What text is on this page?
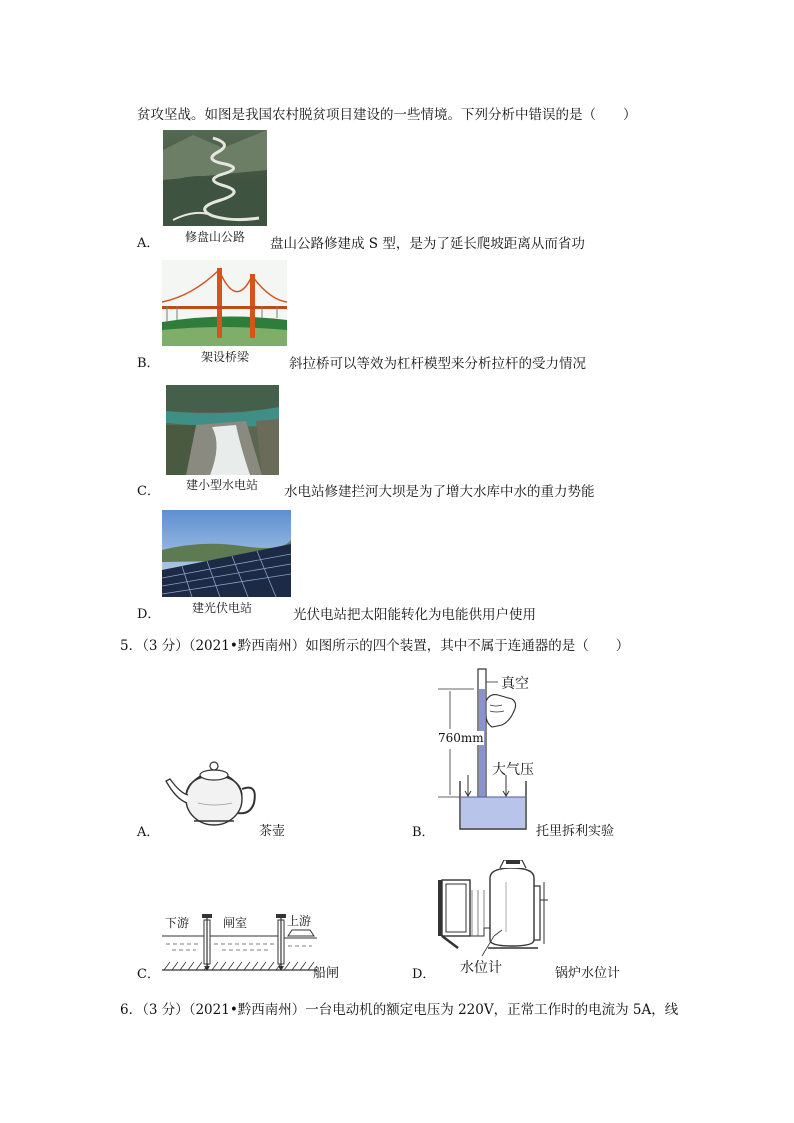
贫攻坚战。如图是我国农村脱贫项目建设的一些情境。下列分析中错误的是（　　）
A． 修盘山公路 盘山公路修建成 S 型，是为了延长爬坡距离从而省功
B．	架设桥梁	斜拉桥可以等效为杠杆模型来分析拉杆的受力情况
C． 建小型水电站 水电站修建拦河大坝是为了增大水库中水的重力势能
D．	建光伏电站	光伏电站把太阳能转化为电能供用户使用
5．（3 分）（2021•黔西南州）如图所示的四个装置，其中不属于连通器的是（　　）
A．	茶壶
真空
760mm
大气压
B．	托里拆利实验
下游	闸室	上游
C．	船闸	水位计
D．	锅炉水位计
6．（3 分）（2021•黔西南州）一台电动机的额定电压为 220V，正常工作时的电流为 5A，线
